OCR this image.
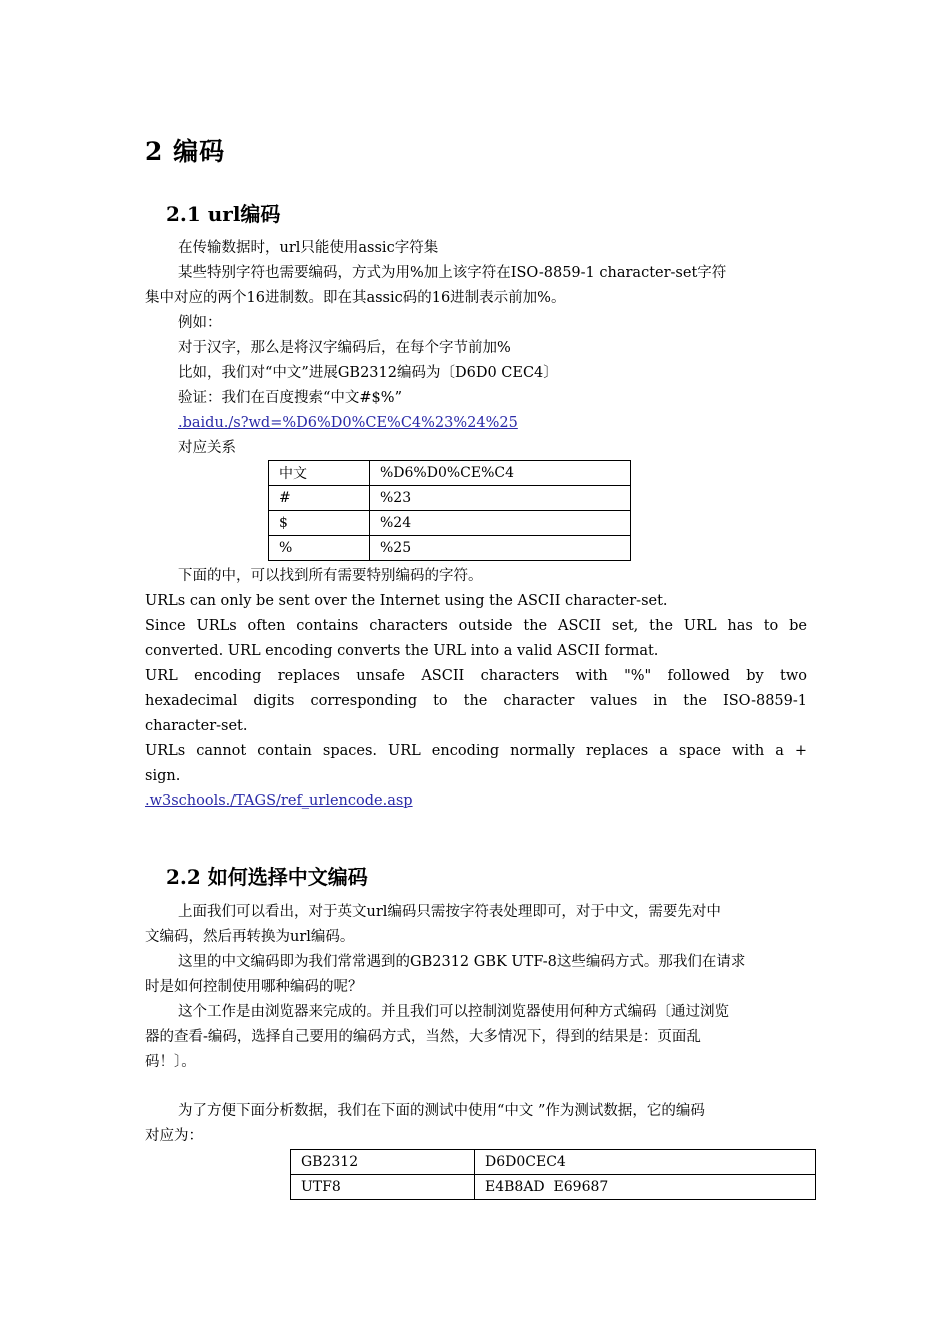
2 编码
2.1 url编码

在传输数据时，url只能使用assic字符集

某些特别字符也需要编码，方式为用%加上该字符在ISO-8859-1 character-set字符

集中对应的两个16进制数。即在其assic码的16进制表示前加%。

例如：

对于汉字，那么是将汉字编码后，在每个字节前加%

比如，我们对“中文”进展GB2312编码为〔D6D0 CEC4〕

验证：我们在百度搜索“中文#$%”

.baidu./s?wd=%D6%D0%CE%C4%23%24%25

对应关系

中文	%D6%D0%CE%C4
#	%23
$	%24
%	%25

下面的中，可以找到所有需要特别编码的字符。

URLs can only be sent over the Internet using the ASCII character-set.

Since URLs often contains characters outside the ASCII set, the URL has to be

converted. URL encoding converts the URL into a valid ASCII format.

URL encoding replaces unsafe ASCII characters with "%" followed by two

hexadecimal digits corresponding to the character values in the ISO-8859-1

character-set.

URLs cannot contain spaces. URL encoding normally replaces a space with a +

sign.

.w3schools./TAGS/ref_urlencode.asp
2.2 如何选择中文编码

上面我们可以看出，对于英文url编码只需按字符表处理即可，对于中文，需要先对中

文编码，然后再转换为url编码。

这里的中文编码即为我们常常遇到的GB2312 GBK UTF-8这些编码方式。那我们在请求

时是如何控制使用哪种编码的呢？

这个工作是由浏览器来完成的。并且我们可以控制浏览器使用何种方式编码〔通过浏览

器的查看-编码，选择自己要用的编码方式，当然，大多情况下，得到的结果是：页面乱

码！〕。

为了方便下面分析数据，我们在下面的测试中使用“中文 ”作为测试数据，它的编码

对应为：

GB2312	D6D0CEC4
UTF8	E4B8AD  E69687
